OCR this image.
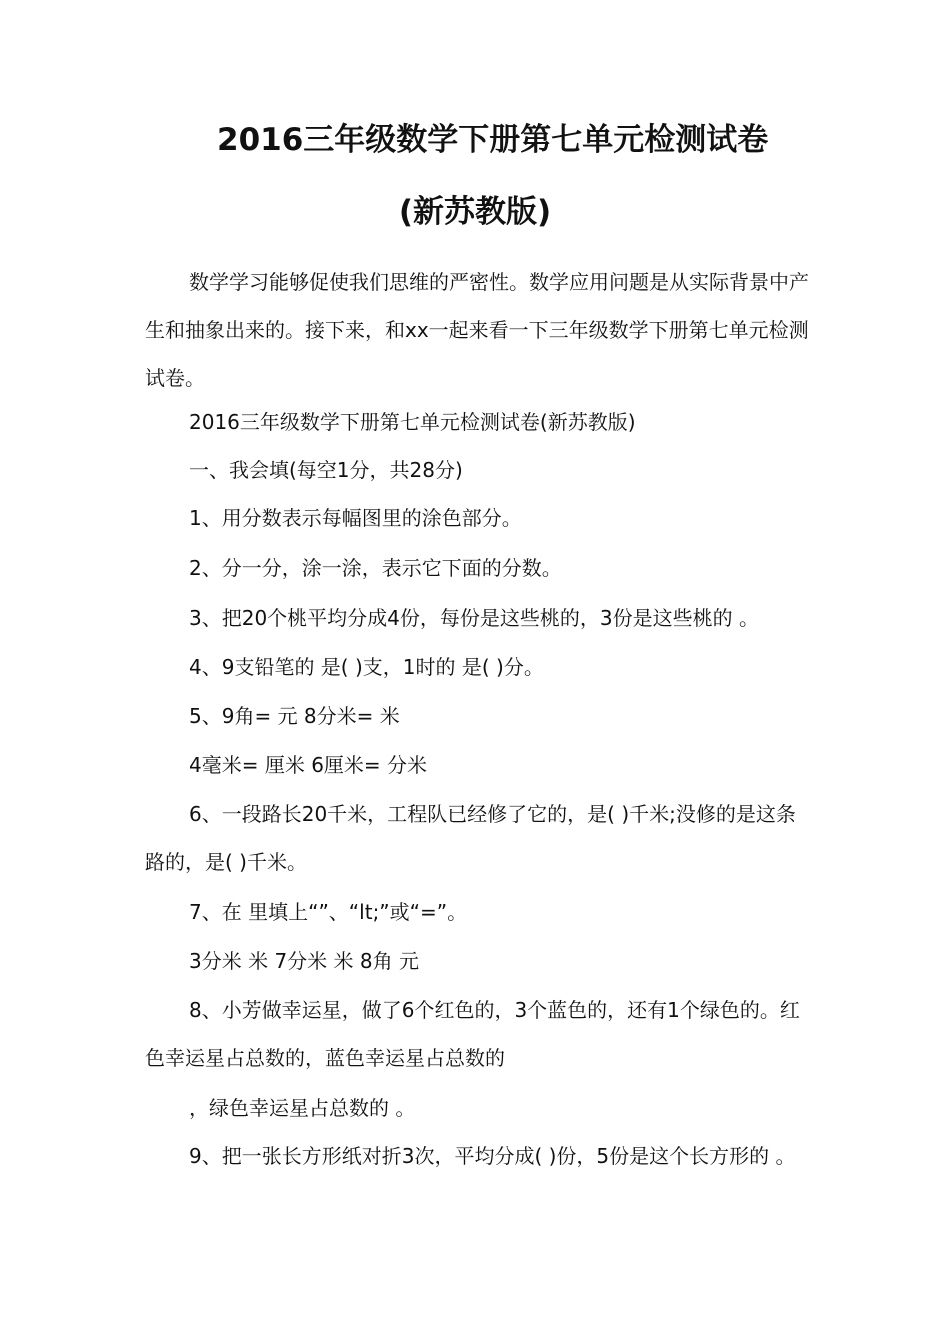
2016三年级数学下册第七单元检测试卷
(新苏教版)
数学学习能够促使我们思维的严密性。数学应用问题是从实际背景中产生和抽象出来的。接下来，和xx一起来看一下三年级数学下册第七单元检测试卷。
2016三年级数学下册第七单元检测试卷(新苏教版)
一、我会填(每空1分，共28分)
1、用分数表示每幅图里的涂色部分。
2、分一分，涂一涂，表示它下面的分数。
3、把20个桃平均分成4份，每份是这些桃的，3份是这些桃的 。
4、9支铅笔的 是( )支，1时的 是( )分。
5、9角= 元 8分米= 米
4毫米= 厘米 6厘米= 分米
6、一段路长20千米，工程队已经修了它的，是( )千米;没修的是这条路的，是( )千米。
7、在 里填上“”、“lt;”或“=”。
3分米 米 7分米 米 8角 元
8、小芳做幸运星，做了6个红色的，3个蓝色的，还有1个绿色的。红色幸运星占总数的，蓝色幸运星占总数的
，绿色幸运星占总数的 。
9、把一张长方形纸对折3次，平均分成( )份，5份是这个长方形的 。
